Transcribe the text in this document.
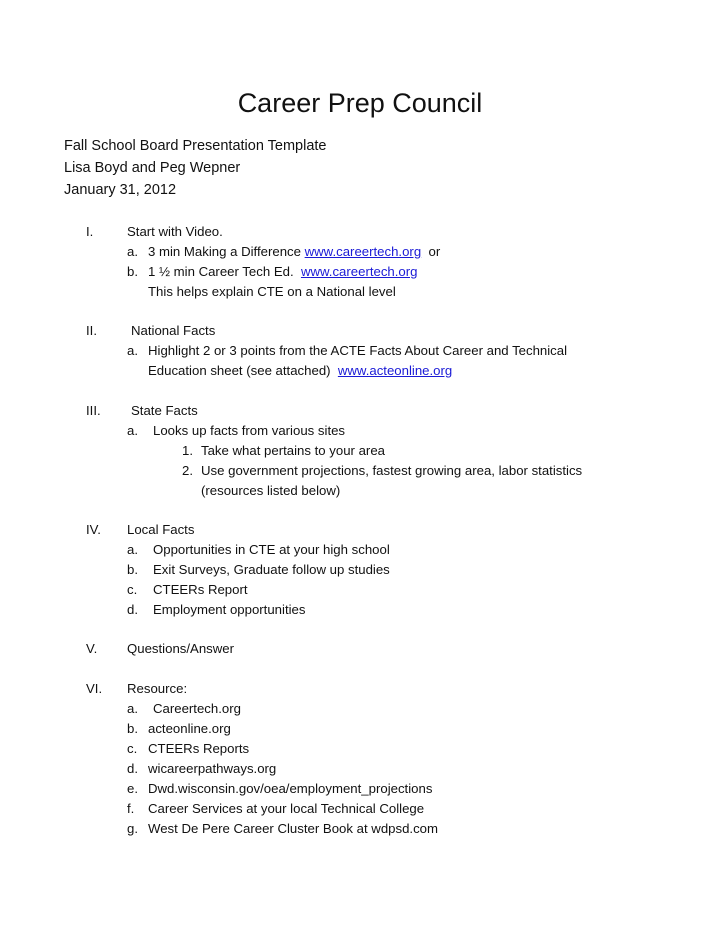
Career Prep Council
Fall School Board Presentation Template
Lisa Boyd and Peg Wepner
January 31, 2012
I.	Start with Video.
a. 3 min Making a Difference www.careertech.org or
b. 1 ½ min Career Tech Ed. www.careertech.org
This helps explain CTE on a National level
II.	National Facts
a. Highlight 2 or 3 points from the ACTE Facts About Career and Technical
Education sheet (see attached) www.acteonline.org
III. State Facts
a. Looks up facts from various sites
1. Take what pertains to your area
2. Use government projections, fastest growing area, labor statistics
(resources listed below)
IV. Local Facts
a. Opportunities in CTE at your high school
b. Exit Surveys, Graduate follow up studies
c. CTEERs Report
d. Employment opportunities
V. Questions/Answer
VI. Resource:
a. Careertech.org
b. acteonline.org
c. CTEERs Reports
d. wicareerpathways.org
e. Dwd.wisconsin.gov/oea/employment_projections
f. Career Services at your local Technical College
g. West De Pere Career Cluster Book at wdpsd.com
